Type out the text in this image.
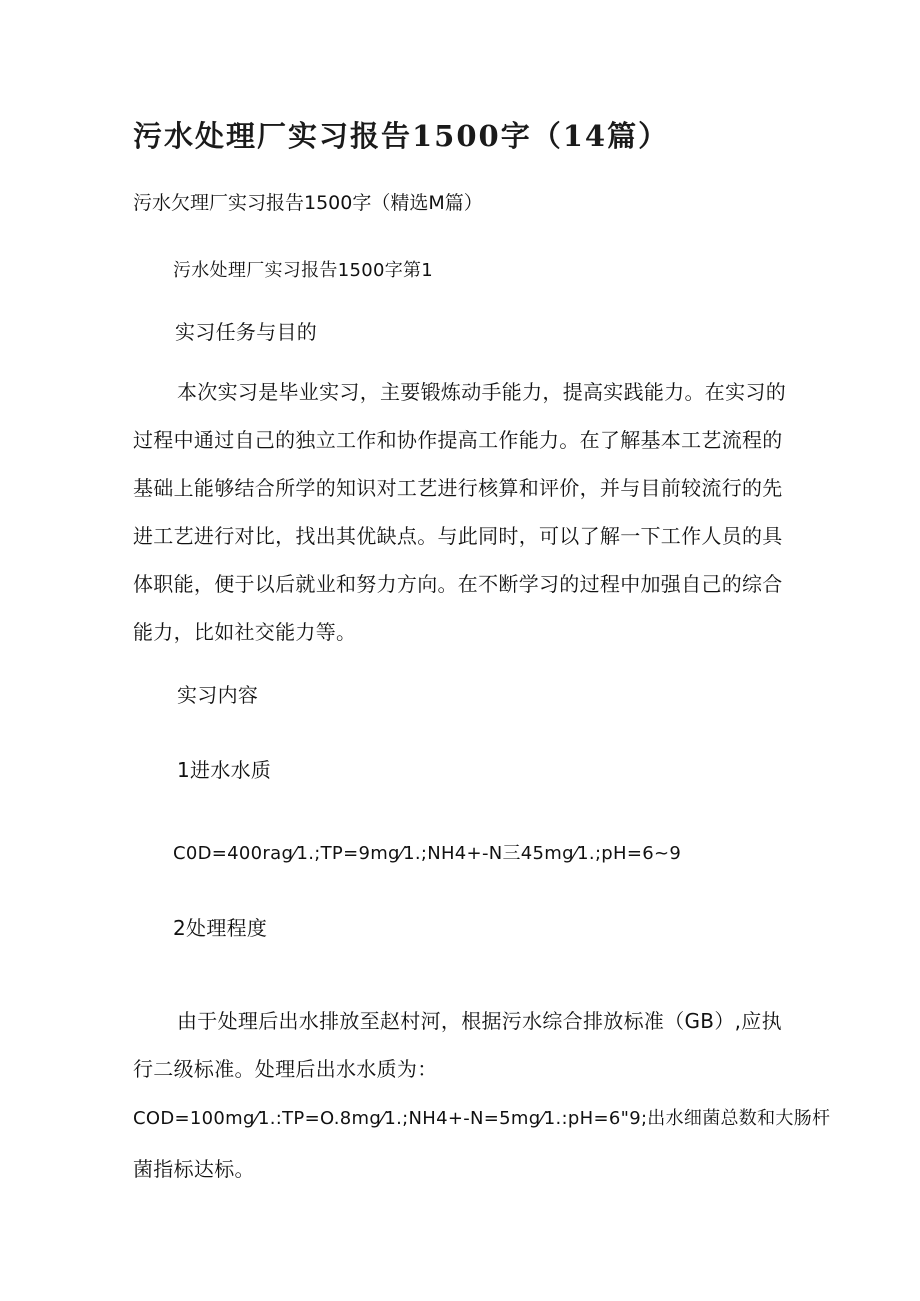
污水处理厂实习报告1500字（14篇）

污水欠理厂实习报告1500字（精选M篇）

污水处理厂实习报告1500字第1

实习任务与目的

本次实习是毕业实习，主要锻炼动手能力，提高实践能力。在实习的

过程中通过自己的独立工作和协作提高工作能力。在了解基本工艺流程的

基础上能够结合所学的知识对工艺进行核算和评价，并与目前较流行的先

进工艺进行对比，找出其优缺点。与此同时，可以了解一下工作人员的具

体职能，便于以后就业和努力方向。在不断学习的过程中加强自己的综合

能力，比如社交能力等。

实习内容

1进水水质

C0D=400rag⁄1.;TP=9mg⁄1.;NH4+-N三45mg⁄1.;pH=6~9

2处理程度

由于处理后出水排放至赵村河，根据污水综合排放标准（GB）,应执

行二级标准。处理后出水水质为：

COD=100mg⁄1.:TP=O.8mg⁄1.;NH4+-N=5mg⁄1.:pH=6"9;出水细菌总数和大肠杆

菌指标达标。
